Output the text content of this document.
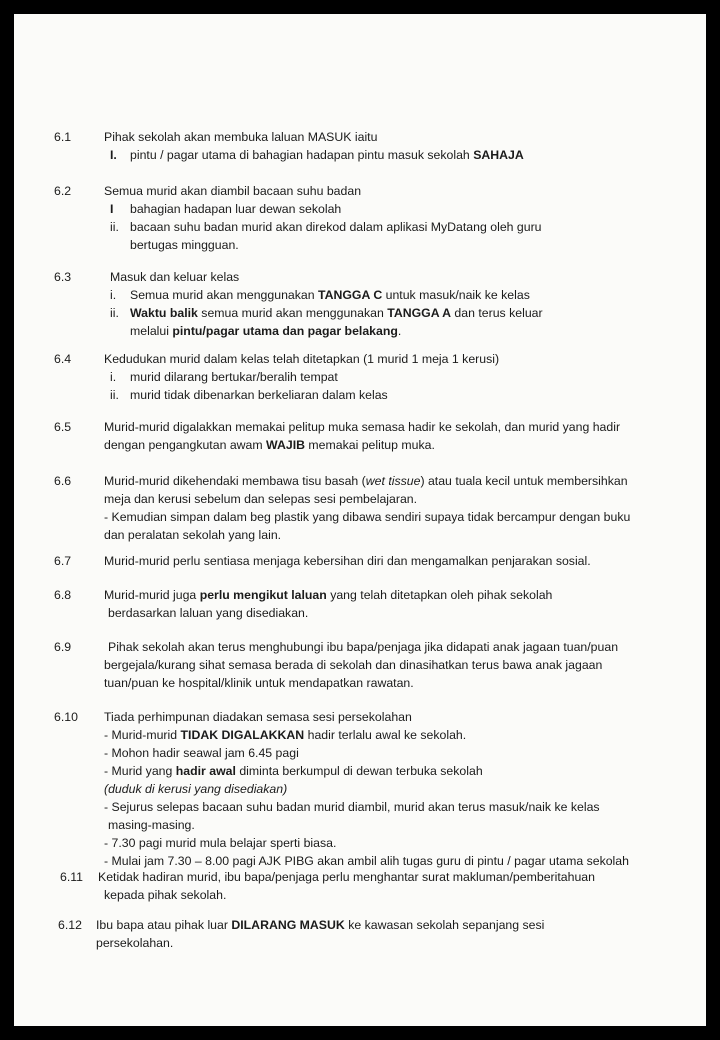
6.1	Pihak sekolah akan membuka laluan MASUK iaitu
I. pintu / pagar utama di bahagian hadapan pintu masuk sekolah SAHAJA
6.2	Semua murid akan diambil bacaan suhu badan
I bahagian hadapan luar dewan sekolah
ii. bacaan suhu badan murid akan direkod dalam aplikasi MyDatang oleh guru
bertugas mingguan.
6.3	Masuk dan keluar kelas
i. Semua murid akan menggunakan TANGGA C untuk masuk/naik ke kelas
ii. Waktu balik semua murid akan menggunakan TANGGA A dan terus keluar
melalui pintu/pagar utama dan pagar belakang.
6.4	Kedudukan murid dalam kelas telah ditetapkan (1 murid 1 meja 1 kerusi)
i. murid dilarang bertukar/beralih tempat
ii. murid tidak dibenarkan berkeliaran dalam kelas
6.5	Murid-murid digalakkan memakai pelitup muka semasa hadir ke sekolah, dan murid yang hadir
dengan pengangkutan awam WAJIB memakai pelitup muka.
6.6	Murid-murid dikehendaki membawa tisu basah (wet tissue) atau tuala kecil untuk membersihkan
meja dan kerusi sebelum dan selepas sesi pembelajaran.
- Kemudian simpan dalam beg plastik yang dibawa sendiri supaya tidak bercampur dengan buku
dan peralatan sekolah yang lain.
6.7	Murid-murid perlu sentiasa menjaga kebersihan diri dan mengamalkan penjarakan sosial.
6.8	Murid-murid juga perlu mengikut laluan yang telah ditetapkan oleh pihak sekolah
berdasarkan laluan yang disediakan.
6.9	Pihak sekolah akan terus menghubungi ibu bapa/penjaga jika didapati anak jagaan tuan/puan
bergejala/kurang sihat semasa berada di sekolah dan dinasihatkan terus bawa anak jagaan
tuan/puan ke hospital/klinik untuk mendapatkan rawatan.
6.10	Tiada perhimpunan diadakan semasa sesi persekolahan
- Murid-murid TIDAK DIGALAKKAN hadir terlalu awal ke sekolah.
- Mohon hadir seawal jam 6.45 pagi
- Murid yang hadir awal diminta berkumpul di dewan terbuka sekolah
(duduk di kerusi yang disediakan)
- Sejurus selepas bacaan suhu badan murid diambil, murid akan terus masuk/naik ke kelas
masing-masing.
- 7.30 pagi murid mula belajar sperti biasa.
- Mulai jam 7.30 – 8.00 pagi AJK PIBG akan ambil alih tugas guru di pintu / pagar utama sekolah
6.11	Ketidak hadiran murid, ibu bapa/penjaga perlu menghantar surat makluman/pemberitahuan
kepada pihak sekolah.
6.12	Ibu bapa atau pihak luar DILARANG MASUK ke kawasan sekolah sepanjang sesi
persekolahan.
